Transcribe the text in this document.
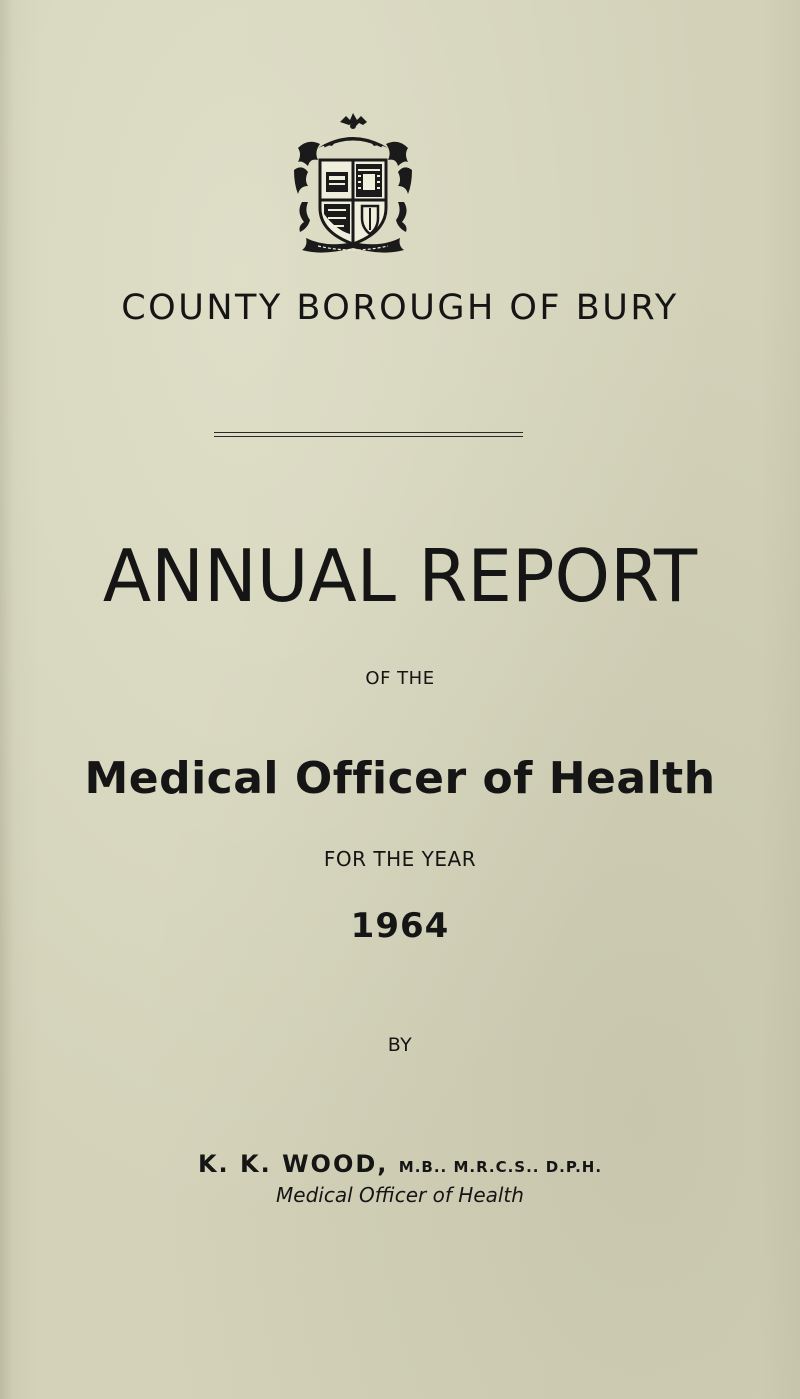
COUNTY BOROUGH OF BURY
ANNUAL REPORT
OF THE
Medical Officer of Health
FOR THE YEAR
1964
BY
K. K. WOOD, M.B.. M.R.C.S.. D.P.H.
Medical Officer of Health
